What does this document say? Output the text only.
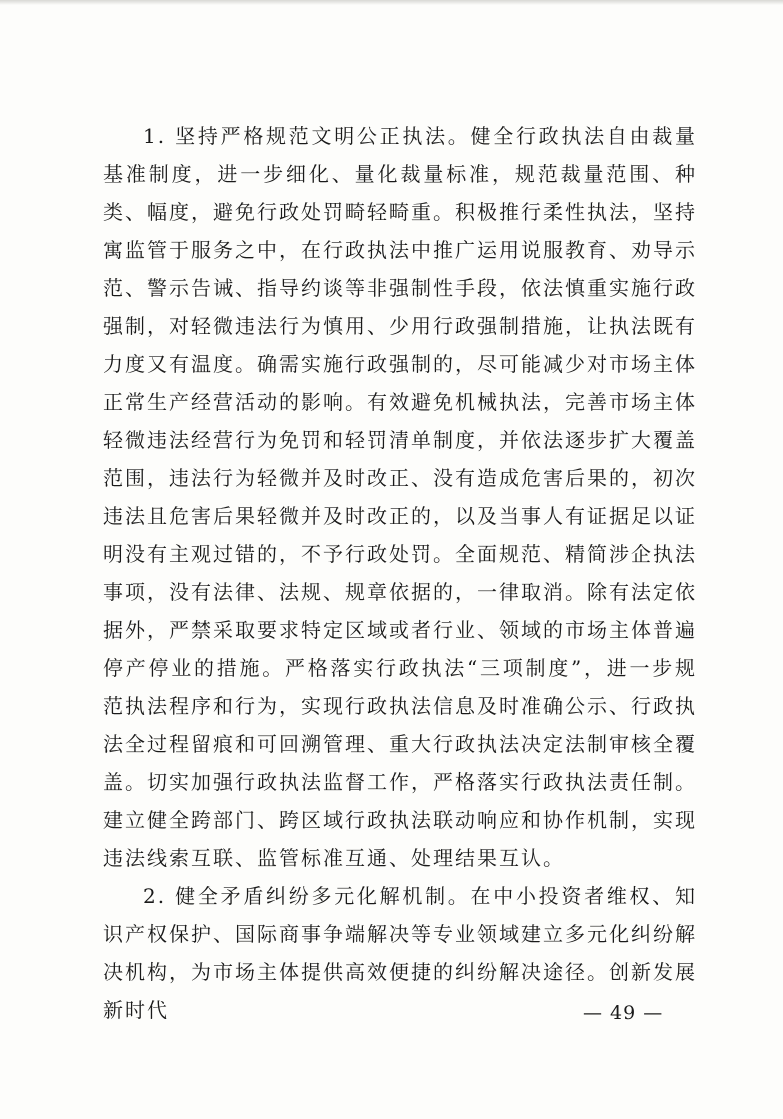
1. 坚持严格规范文明公正执法。健全行政执法自由裁量基准制度，进一步细化、量化裁量标准，规范裁量范围、种类、幅度，避免行政处罚畸轻畸重。积极推行柔性执法，坚持寓监管于服务之中，在行政执法中推广运用说服教育、劝导示范、警示告诫、指导约谈等非强制性手段，依法慎重实施行政强制，对轻微违法行为慎用、少用行政强制措施，让执法既有力度又有温度。确需实施行政强制的，尽可能减少对市场主体正常生产经营活动的影响。有效避免机械执法，完善市场主体轻微违法经营行为免罚和轻罚清单制度，并依法逐步扩大覆盖范围，违法行为轻微并及时改正、没有造成危害后果的，初次违法且危害后果轻微并及时改正的，以及当事人有证据足以证明没有主观过错的，不予行政处罚。全面规范、精简涉企执法事项，没有法律、法规、规章依据的，一律取消。除有法定依据外，严禁采取要求特定区域或者行业、领域的市场主体普遍停产停业的措施。严格落实行政执法“三项制度”，进一步规范执法程序和行为，实现行政执法信息及时准确公示、行政执法全过程留痕和可回溯管理、重大行政执法决定法制审核全覆盖。切实加强行政执法监督工作，严格落实行政执法责任制。建立健全跨部门、跨区域行政执法联动响应和协作机制，实现违法线索互联、监管标准互通、处理结果互认。

2. 健全矛盾纠纷多元化解机制。在中小投资者维权、知识产权保护、国际商事争端解决等专业领域建立多元化纠纷解决机构，为市场主体提供高效便捷的纠纷解决途径。创新发展新时代	— 49 —
